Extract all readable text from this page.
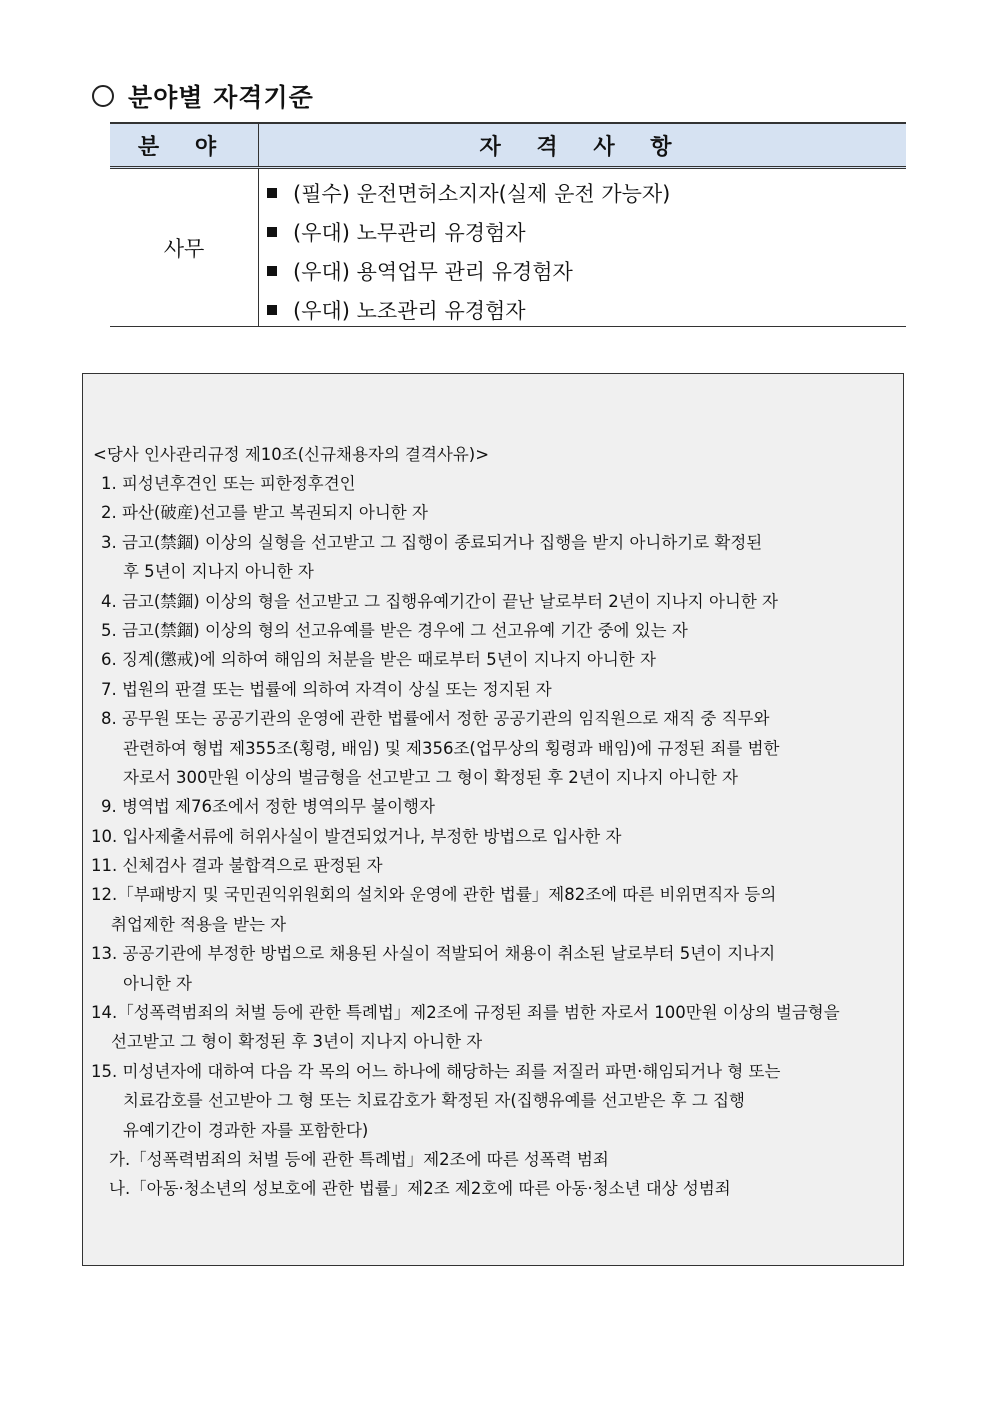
분야별 자격기준
분 야	자 격 사 항
사무
(필수) 운전면허소지자(실제 운전 가능자)
(우대) 노무관리 유경험자
(우대) 용역업무 관리 유경험자
(우대) 노조관리 유경험자
<당사 인사관리규정 제10조(신규채용자의 결격사유)>
1. 피성년후견인 또는 피한정후견인
2. 파산(破産)선고를 받고 복권되지 아니한 자
3. 금고(禁錮) 이상의 실형을 선고받고 그 집행이 종료되거나 집행을 받지 아니하기로 확정된
후 5년이 지나지 아니한 자
4. 금고(禁錮) 이상의 형을 선고받고 그 집행유예기간이 끝난 날로부터 2년이 지나지 아니한 자
5. 금고(禁錮) 이상의 형의 선고유예를 받은 경우에 그 선고유예 기간 중에 있는 자
6. 징계(懲戒)에 의하여 해임의 처분을 받은 때로부터 5년이 지나지 아니한 자
7. 법원의 판결 또는 법률에 의하여 자격이 상실 또는 정지된 자
8. 공무원 또는 공공기관의 운영에 관한 법률에서 정한 공공기관의 임직원으로 재직 중 직무와
관련하여 형법 제355조(횡령, 배임) 및 제356조(업무상의 횡령과 배임)에 규정된 죄를 범한
자로서 300만원 이상의 벌금형을 선고받고 그 형이 확정된 후 2년이 지나지 아니한 자
9. 병역법 제76조에서 정한 병역의무 불이행자
10. 입사제출서류에 허위사실이 발견되었거나, 부정한 방법으로 입사한 자
11. 신체검사 결과 불합격으로 판정된 자
12.「부패방지 및 국민권익위원회의 설치와 운영에 관한 법률」제82조에 따른 비위면직자 등의
취업제한 적용을 받는 자
13. 공공기관에 부정한 방법으로 채용된 사실이 적발되어 채용이 취소된 날로부터 5년이 지나지
아니한 자
14.「성폭력범죄의 처벌 등에 관한 특례법」제2조에 규정된 죄를 범한 자로서 100만원 이상의 벌금형을
선고받고 그 형이 확정된 후 3년이 지나지 아니한 자
15. 미성년자에 대하여 다음 각 목의 어느 하나에 해당하는 죄를 저질러 파면·해임되거나 형 또는
치료감호를 선고받아 그 형 또는 치료감호가 확정된 자(집행유예를 선고받은 후 그 집행
유예기간이 경과한 자를 포함한다)
가.「성폭력범죄의 처벌 등에 관한 특례법」제2조에 따른 성폭력 범죄
나.「아동·청소년의 성보호에 관한 법률」제2조 제2호에 따른 아동·청소년 대상 성범죄
